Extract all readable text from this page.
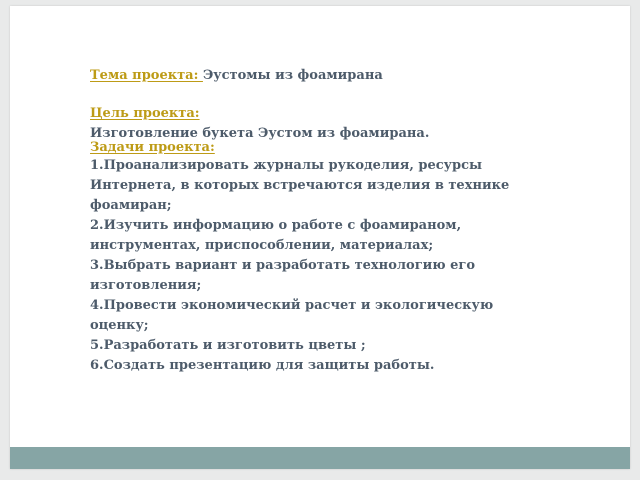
Тема проекта: Эустомы из фоамирана
Цель проекта:
Изготовление букета Эустом из фоамирана.
Задачи проекта:
1.Проанализировать журналы рукоделия, ресурсы Интернета, в которых встречаются изделия в технике фоамиран;
2.Изучить информацию о работе с фоамираном, инструментах, приспособлении, материалах;
3.Выбрать вариант и разработать технологию его изготовления;
4.Провести экономический расчет и экологическую оценку;
5.Разработать и изготовить цветы ;
6.Создать презентацию для защиты работы.
